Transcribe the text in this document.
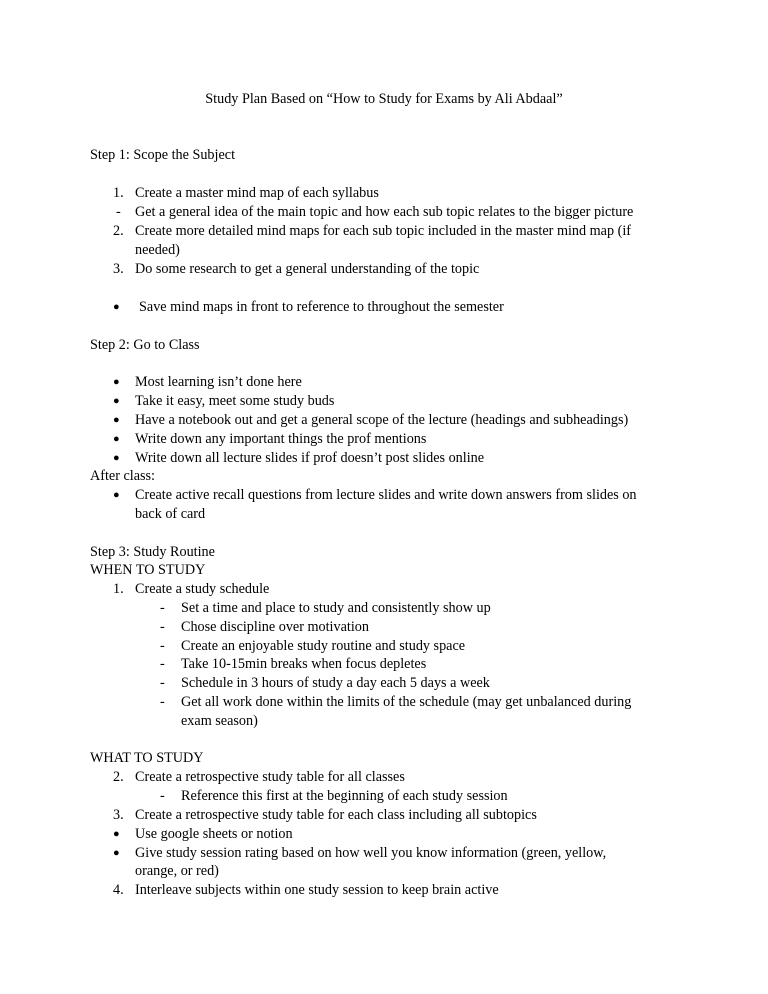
Study Plan Based on “How to Study for Exams by Ali Abdaal”
Step 1: Scope the Subject
1. Create a master mind map of each syllabus
- Get a general idea of the main topic and how each sub topic relates to the bigger picture
2. Create more detailed mind maps for each sub topic included in the master mind map (if
needed)
3. Do some research to get a general understanding of the topic
● Save mind maps in front to reference to throughout the semester
Step 2: Go to Class
● Most learning isn’t done here
● Take it easy, meet some study buds
● Have a notebook out and get a general scope of the lecture (headings and subheadings)
● Write down any important things the prof mentions
● Write down all lecture slides if prof doesn’t post slides online
After class:
● Create active recall questions from lecture slides and write down answers from slides on
back of card
Step 3: Study Routine
WHEN TO STUDY
1. Create a study schedule
- Set a time and place to study and consistently show up
- Chose discipline over motivation
- Create an enjoyable study routine and study space
- Take 10-15min breaks when focus depletes
- Schedule in 3 hours of study a day each 5 days a week
- Get all work done within the limits of the schedule (may get unbalanced during
exam season)
WHAT TO STUDY
2. Create a retrospective study table for all classes
- Reference this first at the beginning of each study session
3. Create a retrospective study table for each class including all subtopics
● Use google sheets or notion
● Give study session rating based on how well you know information (green, yellow,
orange, or red)
4. Interleave subjects within one study session to keep brain active
